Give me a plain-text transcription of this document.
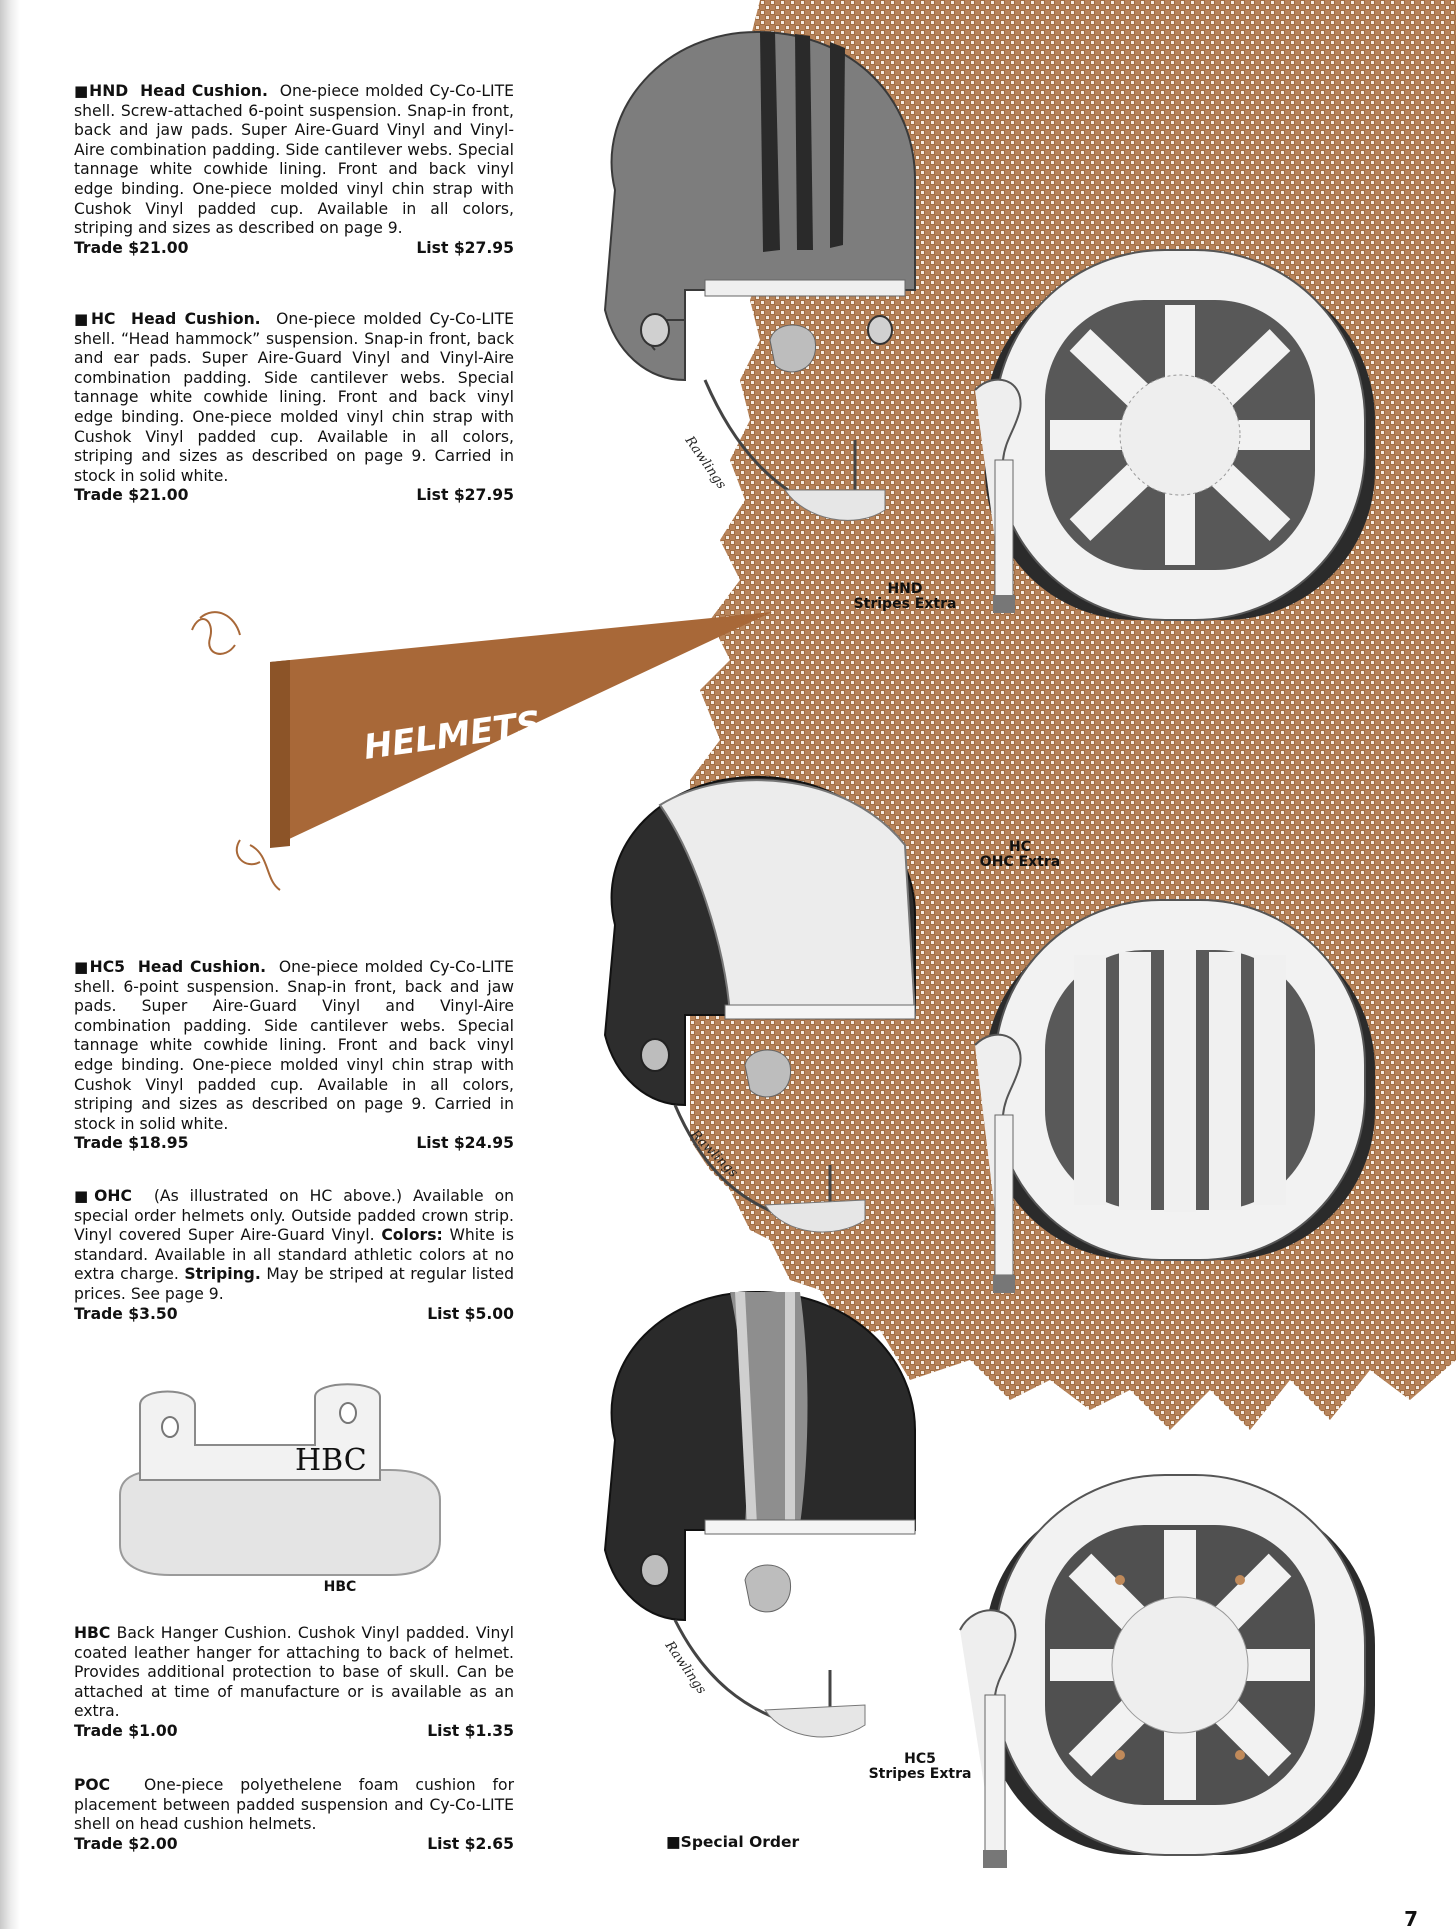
■HND Head Cushion. One-piece molded Cy-Co-LITE shell. Screw-attached 6-point suspension. Snap-in front, back and jaw pads. Super Aire-Guard Vinyl and Vinyl-Aire combination padding. Side cantilever webs. Special tannage white cowhide lining. Front and back vinyl edge binding. One-piece molded vinyl chin strap with Cushok Vinyl padded cup. Available in all colors, striping and sizes as described on page 9.

Trade $21.00	List $27.95

■HC Head Cushion. One-piece molded Cy-Co-LITE shell. “Head hammock” suspension. Snap-in front, back and ear pads. Super Aire-Guard Vinyl and Vinyl-Aire combination padding. Side cantilever webs. Special tannage white cowhide lining. Front and back vinyl edge binding. One-piece molded vinyl chin strap with Cushok Vinyl padded cup. Available in all colors, striping and sizes as described on page 9. Carried in stock in solid white.

Trade $21.00	List $27.95
HELMETS

■HC5 Head Cushion. One-piece molded Cy-Co-LITE shell. 6-point suspension. Snap-in front, back and jaw pads. Super Aire-Guard Vinyl and Vinyl-Aire combination padding. Side cantilever webs. Special tannage white cowhide lining. Front and back vinyl edge binding. One-piece molded vinyl chin strap with Cushok Vinyl padded cup. Available in all colors, striping and sizes as described on page 9. Carried in stock in solid white.

Trade $18.95	List $24.95

■OHC (As illustrated on HC above.) Available on special order helmets only. Outside padded crown strip. Vinyl covered Super Aire-Guard Vinyl. Colors: White is standard. Available in all standard athletic colors at no extra charge. Striping. May be striped at regular listed prices. See page 9.

Trade $3.50	List $5.00
HBC
HBC

HBC Back Hanger Cushion. Cushok Vinyl padded. Vinyl coated leather hanger for attaching to back of helmet. Provides additional protection to base of skull. Can be attached at time of manufacture or is available as an extra.

Trade $1.00	List $1.35

POC One-piece polyethelene foam cushion for placement between padded suspension and Cy-Co-LITE shell on head cushion helmets.

Trade $2.00	List $2.65
Rawlings
HND
Stripes Extra
Rawlings
HC
OHC Extra
Rawlings
HC5
Stripes Extra
■Special Order
7
